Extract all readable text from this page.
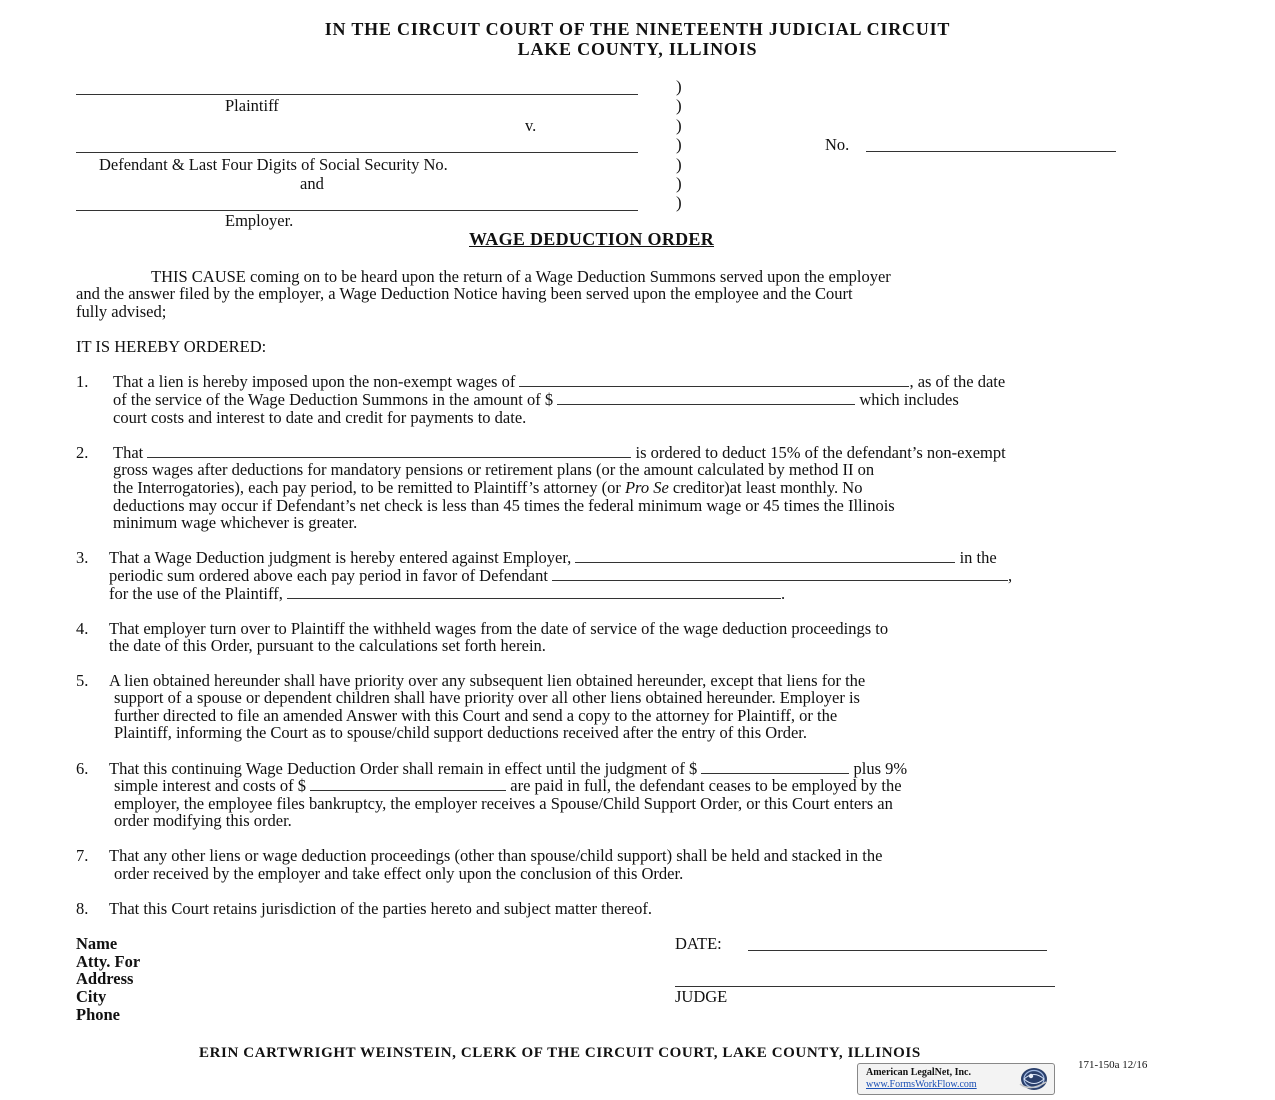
IN THE CIRCUIT COURT OF THE NINETEENTH JUDICIAL CIRCUIT
LAKE COUNTY, ILLINOIS
Plaintiff
v.
Defendant & Last Four Digits of Social Security No.
and
Employer.
)
)
)
)
)
)
)
No.
WAGE DEDUCTION ORDER
THIS CAUSE coming on to be heard upon the return of a Wage Deduction Summons served upon the employer
and the answer filed by the employer, a Wage Deduction Notice having been served upon the employee and the Court
fully advised;
IT IS HEREBY ORDERED:
1. That a lien is hereby imposed upon the non-exempt wages of	, as of the date
of the service of the Wage Deduction Summons in the amount of $	which includes
court costs and interest to date and credit for payments to date.
2. That	is ordered to deduct 15% of the defendant’s non-exempt
gross wages after deductions for mandatory pensions or retirement plans (or the amount calculated by method II on
the Interrogatories), each pay period, to be remitted to Plaintiff’s attorney (or Pro Se creditor)at least monthly. No
deductions may occur if Defendant’s net check is less than 45 times the federal minimum wage or 45 times the Illinois
minimum wage whichever is greater.
3. That a Wage Deduction judgment is hereby entered against Employer,	in the
periodic sum ordered above each pay period in favor of Defendant	,
for the use of the Plaintiff,	.
4. That employer turn over to Plaintiff the withheld wages from the date of service of the wage deduction proceedings to
the date of this Order, pursuant to the calculations set forth herein.
5. A lien obtained hereunder shall have priority over any subsequent lien obtained hereunder, except that liens for the
support of a spouse or dependent children shall have priority over all other liens obtained hereunder. Employer is
further directed to file an amended Answer with this Court and send a copy to the attorney for Plaintiff, or the
Plaintiff, informing the Court as to spouse/child support deductions received after the entry of this Order.
6. That this continuing Wage Deduction Order shall remain in effect until the judgment of $	plus 9%
simple interest and costs of $	are paid in full, the defendant ceases to be employed by the
employer, the employee files bankruptcy, the employer receives a Spouse/Child Support Order, or this Court enters an
order modifying this order.
7. That any other liens or wage deduction proceedings (other than spouse/child support) shall be held and stacked in the
order received by the employer and take effect only upon the conclusion of this Order.
8. That this Court retains jurisdiction of the parties hereto and subject matter thereof.
Name
Atty. For
Address
City
Phone
DATE:
JUDGE
ERIN CARTWRIGHT WEINSTEIN, CLERK OF THE CIRCUIT COURT, LAKE COUNTY, ILLINOIS
171-150a 12/16
American LegalNet, Inc.
www.FormsWorkFlow.com
